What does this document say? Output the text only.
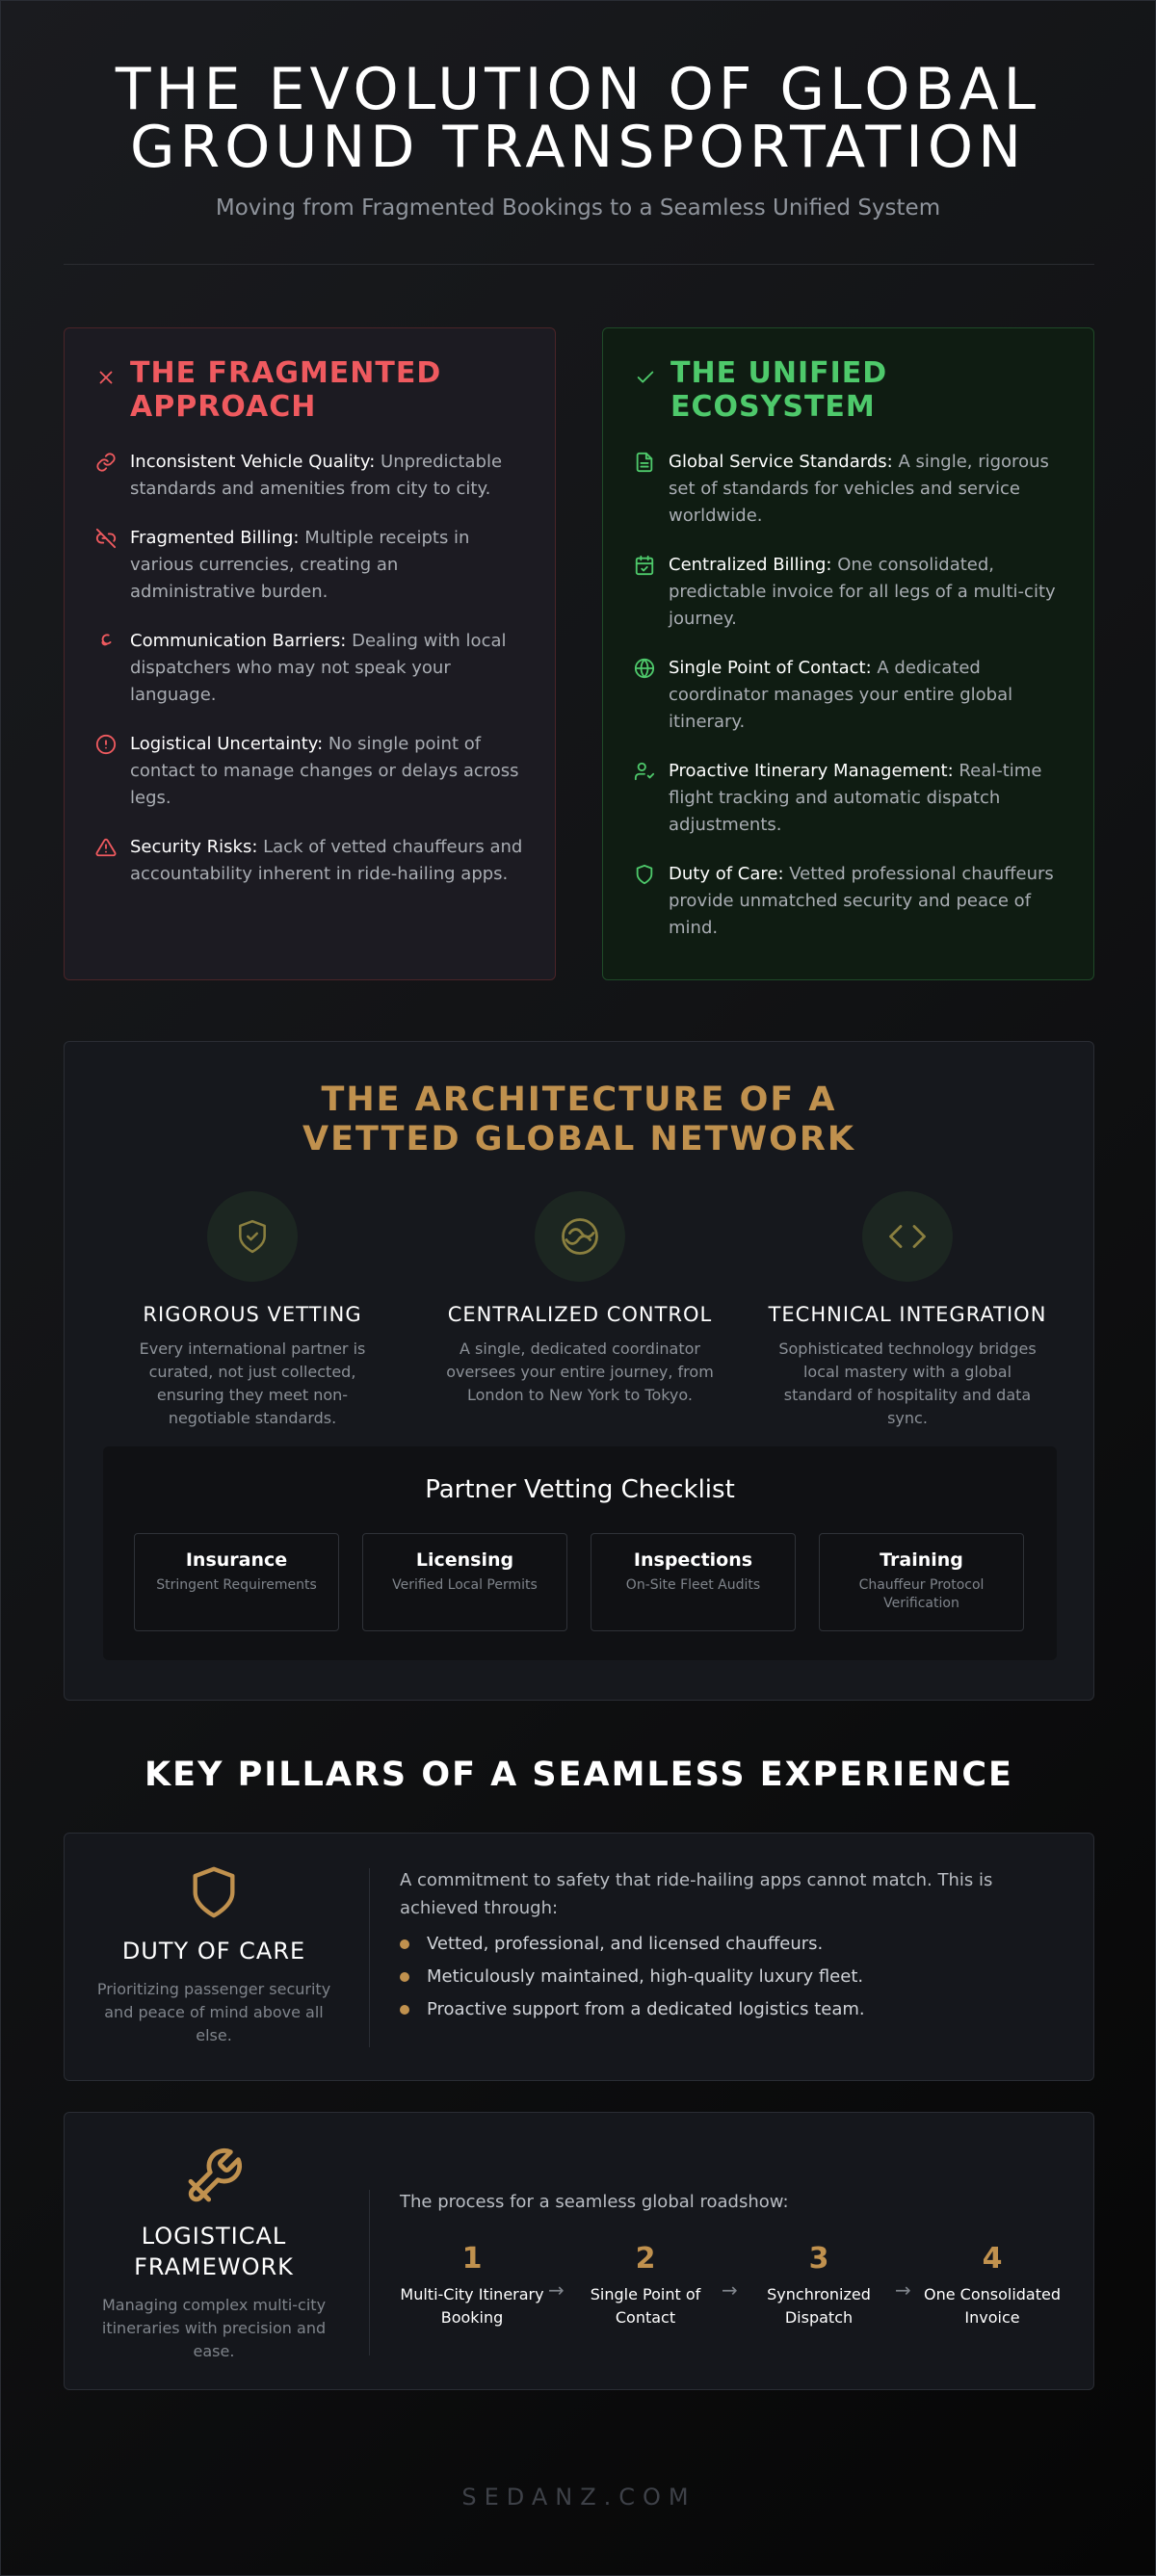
THE EVOLUTION OF GLOBAL GROUND TRANSPORTATION

Moving from Fragmented Bookings to a Seamless Unified System

THE FRAGMENTED APPROACH

Inconsistent Vehicle Quality: Unpredictable standards and amenities from city to city.

Fragmented Billing: Multiple receipts in various currencies, creating an administrative burden.

Communication Barriers: Dealing with local dispatchers who may not speak your language.

Logistical Uncertainty: No single point of contact to manage changes or delays across legs.

Security Risks: Lack of vetted chauffeurs and accountability inherent in ride-hailing apps.

THE UNIFIED ECOSYSTEM

Global Service Standards: A single, rigorous set of standards for vehicles and service worldwide.

Centralized Billing: One consolidated, predictable invoice for all legs of a multi-city journey.

Single Point of Contact: A dedicated coordinator manages your entire global itinerary.

Proactive Itinerary Management: Real-time flight tracking and automatic dispatch adjustments.

Duty of Care: Vetted professional chauffeurs provide unmatched security and peace of mind.

THE ARCHITECTURE OF A VETTED GLOBAL NETWORK
RIGOROUS VETTING
Every international partner is curated, not just collected, ensuring they meet non-negotiable standards.
CENTRALIZED CONTROL
A single, dedicated coordinator oversees your entire journey, from London to New York to Tokyo.
TECHNICAL INTEGRATION
Sophisticated technology bridges local mastery with a global standard of hospitality and data sync.
Partner Vetting Checklist
Insurance
Stringent Requirements
Licensing
Verified Local Permits
Inspections
On-Site Fleet Audits
Training
Chauffeur Protocol Verification
KEY PILLARS OF A SEAMLESS EXPERIENCE
DUTY OF CARE
Prioritizing passenger security and peace of mind above all else.

A commitment to safety that ride-hailing apps cannot match. This is achieved through:

Vetted, professional, and licensed chauffeurs.
Meticulously maintained, high-quality luxury fleet.
Proactive support from a dedicated logistics team.
LOGISTICAL FRAMEWORK
Managing complex multi-city itineraries with precision and ease.

The process for a seamless global roadshow:

1
Multi-City Itinerary Booking
→
2
Single Point of Contact
→
3
Synchronized Dispatch
→
4
One Consolidated Invoice
SEDANZ.COM
